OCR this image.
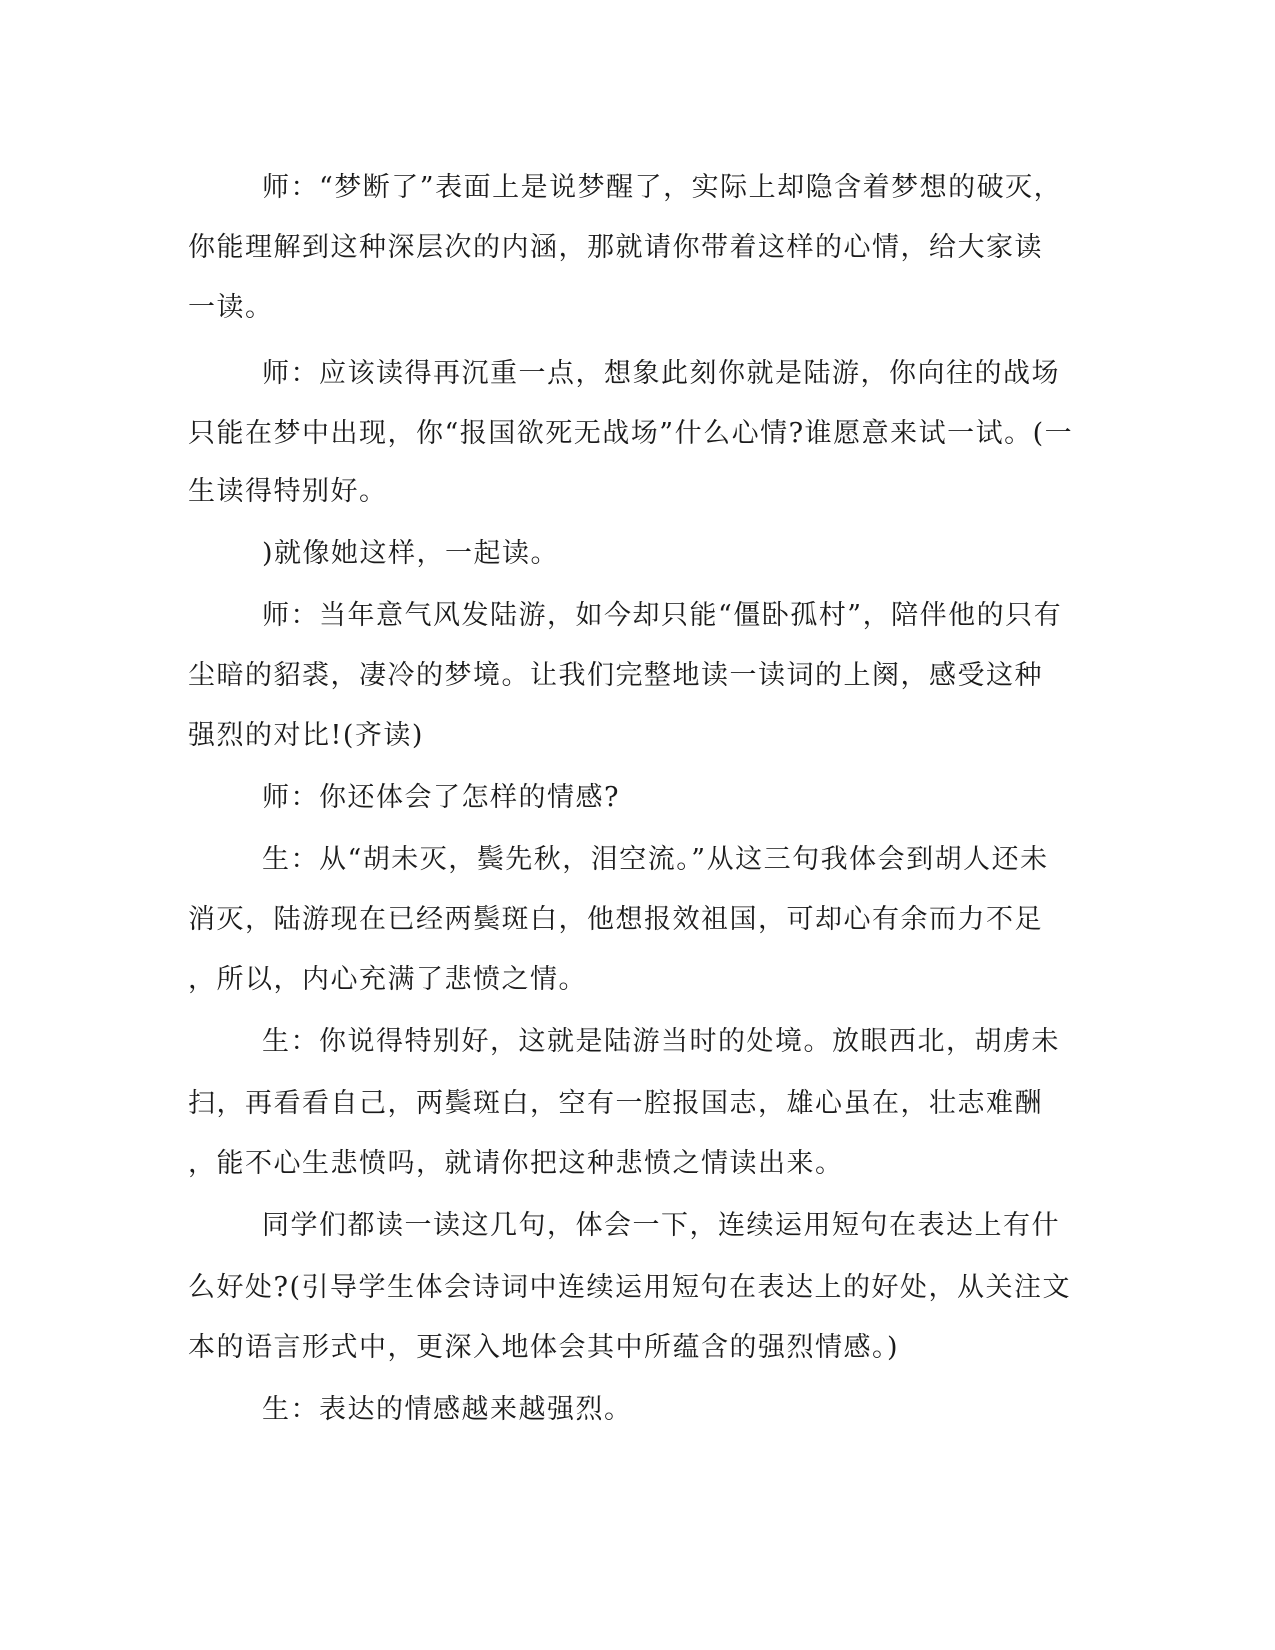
师：“梦断了”表面上是说梦醒了，实际上却隐含着梦想的破灭，
你能理解到这种深层次的内涵，那就请你带着这样的心情，给大家读
一读。
师：应该读得再沉重一点，想象此刻你就是陆游，你向往的战场
只能在梦中出现，你“报国欲死无战场”什么心情?谁愿意来试一试。(一
生读得特别好。
)就像她这样，一起读。
师：当年意气风发陆游，如今却只能“僵卧孤村”，陪伴他的只有
尘暗的貂裘，凄冷的梦境。让我们完整地读一读词的上阕，感受这种
强烈的对比!(齐读)
师：你还体会了怎样的情感?
生：从“胡未灭，鬓先秋，泪空流。”从这三句我体会到胡人还未
消灭，陆游现在已经两鬓斑白，他想报效祖国，可却心有余而力不足
，所以，内心充满了悲愤之情。
生：你说得特别好，这就是陆游当时的处境。放眼西北，胡虏未
扫，再看看自己，两鬓斑白，空有一腔报国志，雄心虽在，壮志难酬
，能不心生悲愤吗，就请你把这种悲愤之情读出来。
同学们都读一读这几句，体会一下，连续运用短句在表达上有什
么好处?(引导学生体会诗词中连续运用短句在表达上的好处，从关注文
本的语言形式中，更深入地体会其中所蕴含的强烈情感。)
生：表达的情感越来越强烈。
